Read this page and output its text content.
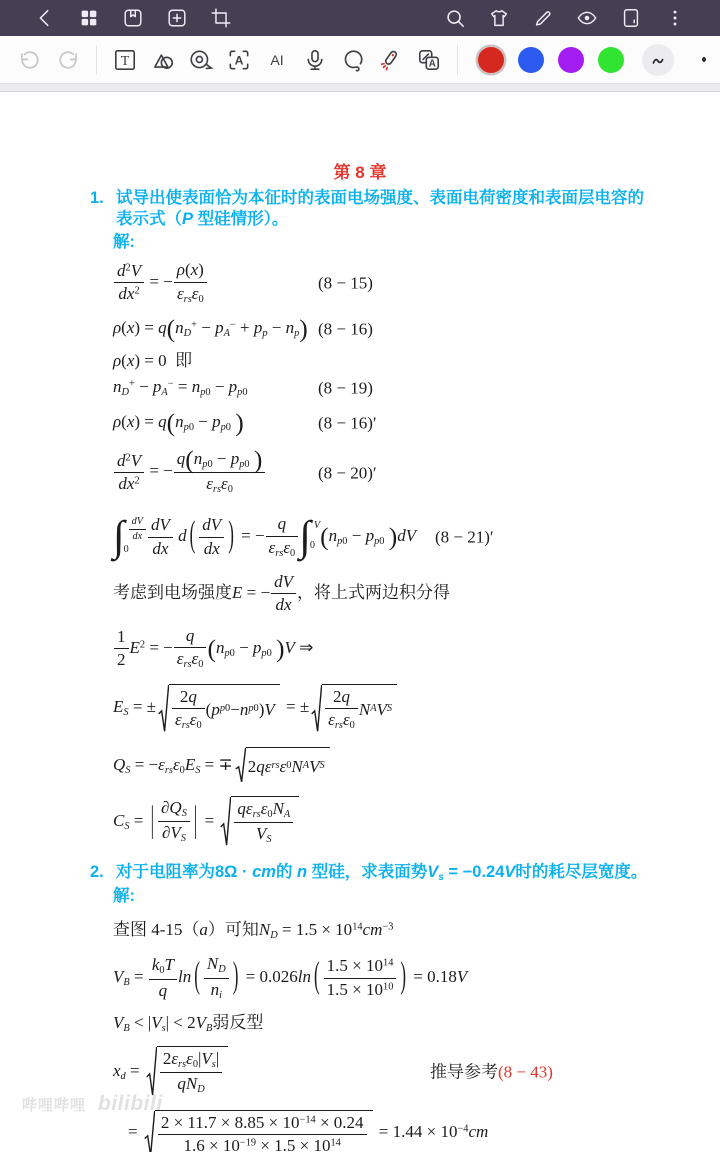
T	A AI	A
第 8 章
1. 试导出使表面恰为本征时的表面电场强度、表面电荷密度和表面层电容的表示式（P 型硅情形）。
解:
$\frac{d^2V}{dx^2}$ = − $\frac{\rho(x)}{\text{εrsε0}}$	(8 − 15)
ρ(x) = q(nD+ − pA− + pp − np) (8 − 16)
ρ(x) = 0  即
nD+ − pA− = np0 − pp0	(8 − 19)
ρ(x) = q(np0 − pp0 )	(8 − 16)′
$\frac{d^2V}{dx^2}$ = − $\frac{q(np0 - pp0 )}{\text{εrsε0}}$	(8 − 20)′
∫ $\frac{dV}{dx}$
0	$\frac{dV}{dx}$ d ( $\frac{dV}{dx}$ ) = − $\frac{q}{\text{εrsε0}}$ ∫ V
0 (np0 − pp0 )dV (8 − 21)′
考虑到电场强度E = − $\frac{dV}{dx}$ ，将上式两边积分得
$\frac{1}{2} E^2$ = − $\frac{q}{\text{εrsε0}} (np0 - pp0$ )V ⇒
ES = ± $\frac{2q}{\text{εrsε0}}$ ( p p0 − n p0 ) V = ± $\frac{2q}{\text{εrsε0}}$ N A V S
QS = −εrsε0ES = ∓ 2 qε rs ε 0 N A V S
CS = | $\frac{\partial QS}{\partial VS}$ | = $\frac{\text{qεrsε0NA}}{VS}$
2. 对于电阻率为8Ω · cm的 n 型硅，求表面势Vs = −0.24V时的耗尽层宽度。
解:
查图 4-15（a）可知ND = $1.5 \times 10^{14}cm^{-3}$
VB = $\frac{k0T}{q}$ ln ( $\frac{ND}{ni}$ ) = 0.026ln ( $\frac{1.5 \times 10^{14}}{1.5 \times 10^{10}}$ ) = 0.18V
VB < |Vs| < 2VB弱反型
xd = $\frac{\text{2εrsε0|Vs|}}{\text{qND}}$	推导参考(8 − 43)
= $\frac{2 \times 11.7 \times 8.85 \times 10^{-14} \times 0.24}{1.6 \times 10^{-19} \times 1.5 \times 10^{14}} = 1.44 \times 10^{-4}cm$
哔哩哔哩 bilibili
